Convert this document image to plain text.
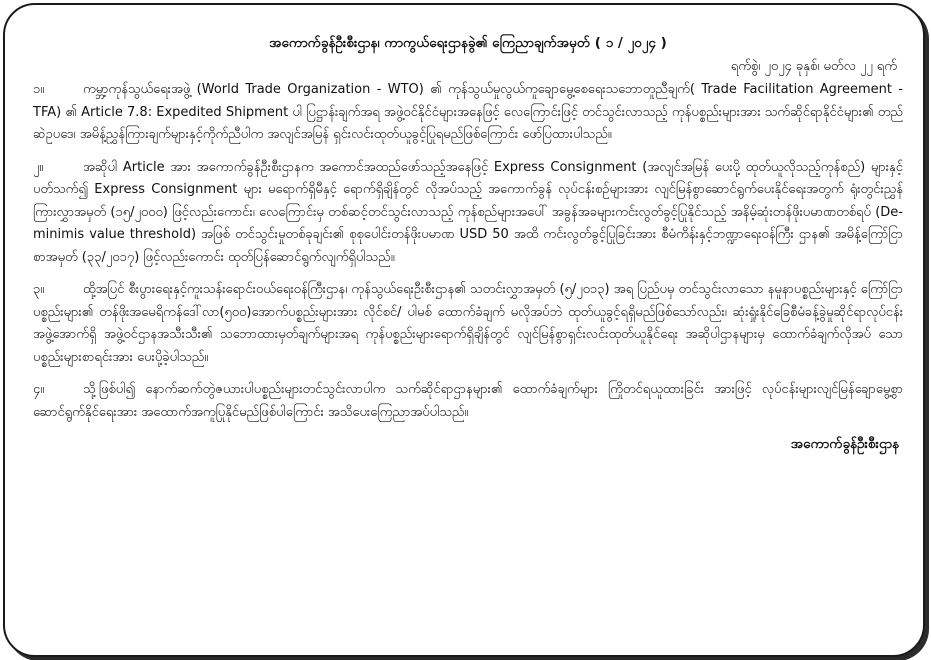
အကောက်ခွန်ဦးစီးဌာန၊ ကာကွယ်ရေးဌာနခွဲ၏ ကြေညာချက်အမှတ် ( ၁ / ၂၀၂၄ )

ရက်စွဲ၊ ၂၀၂၄ ခုနှစ်၊ မတ်လ ၂၂ ရက်

၁။	ကမ္ဘာ့ကုန်သွယ်ရေးအဖွဲ့ (World Trade Organization - WTO) ၏ ကုန်သွယ်မှုလွယ်ကူချောမွေ့စေရေးသဘောတူညီချက်( Trade Facilitation Agreement - TFA) ၏ Article 7.8: Expedited Shipment ပါ ပြဋ္ဌာန်းချက်အရ အဖွဲ့ဝင်နိုင်ငံများအနေဖြင့် လေကြောင်းဖြင့် တင်သွင်းလာသည့် ကုန်ပစ္စည်းများအား သက်ဆိုင်ရာနိုင်ငံများ၏ တည်ဆဲဥပဒေ၊ အမိန့်ညွှန်ကြားချက်များနှင့်ကိုက်ညီပါက အလျင်အမြန် ရှင်းလင်းထုတ်ယူခွင့်ပြုရမည်ဖြစ်ကြောင်း ဖော်ပြထားပါသည်။

၂။	အဆိုပါ Article အား အကောက်ခွန်ဦးစီးဌာနက အကောင်အထည်ဖော်သည့်အနေဖြင့် Express Consignment (အလျင်အမြန် ပေးပို့ ထုတ်ယူလိုသည့်ကုန်စည်) များနှင့်ပတ်သက်၍ Express Consignment များ မရောက်ရှိမီနှင့် ရောက်ရှိချိန်တွင် လိုအပ်သည့် အကောက်ခွန် လုပ်ငန်းစဉ်များအား လျင်မြန်စွာဆောင်ရွက်ပေးနိုင်ရေးအတွက် ရုံးတွင်းညွှန်ကြားလွှာအမှတ် (၁၅/၂၀၀၀) ဖြင့်လည်းကောင်း၊ လေကြောင်းမှ တစ်ဆင့်တင်သွင်းလာသည့် ကုန်စည်များအပေါ် အခွန်အခများကင်းလွတ်ခွင့်ပြုနိုင်သည့် အနိမ့်ဆုံးတန်ဖိုးပမာဏတစ်ရပ် (De-minimis value threshold) အဖြစ် တင်သွင်းမှုတစ်ခုချင်း၏ စုစုပေါင်းတန်ဖိုးပမာဏ USD 50 အထိ ကင်းလွတ်ခွင့်ပြုခြင်းအား စီမံကိန်းနှင့်ဘဏ္ဍာရေးဝန်ကြီး ဌာန၏ အမိန့်ကြော်ငြာစာအမှတ် (၃၃/၂၀၁၇) ဖြင့်လည်းကောင်း ထုတ်ပြန်ဆောင်ရွက်လျက်ရှိပါသည်။

၃။	ထို့အပြင် စီးပွားရေးနှင့်ကူးသန်းရောင်းဝယ်ရေးဝန်ကြီးဌာန၊ ကုန်သွယ်ရေးဦးစီးဌာန၏ သတင်းလွှာအမှတ် (၅/၂၀၁၃) အရ ပြည်ပမှ တင်သွင်းလာသော နမူနာပစ္စည်းများနှင့် ကြော်ငြာပစ္စည်းများ၏ တန်ဖိုးအမေရိကန်ဒေါ်လာ(၅၀၀)အောက်ပစ္စည်းများအား လိုင်စင်/ ပါမစ် ထောက်ခံချက် မလိုအပ်ဘဲ ထုတ်ယူခွင့်ရရှိမည်ဖြစ်သော်လည်း၊ ဆုံးရှုံးနိုင်ခြေစီမံခန့်ခွဲမှုဆိုင်ရာလုပ်ငန်းအဖွဲ့အောက်ရှိ အဖွဲ့ဝင်ဌာနအသီးသီး၏ သဘောထားမှတ်ချက်များအရ ကုန်ပစ္စည်းများရောက်ရှိချိန်တွင် လျင်မြန်စွာရှင်းလင်းထုတ်ယူနိုင်ရေး အဆိုပါဌာနများမှ ထောက်ခံချက်လိုအပ် သောပစ္စည်းများစာရင်းအား ပေးပို့ခဲ့ပါသည်။

၄။	သို့ဖြစ်ပါ၍ နောက်ဆက်တွဲဇယားပါပစ္စည်းများတင်သွင်းလာပါက သက်ဆိုင်ရာဌာနများ၏ ထောက်ခံချက်များ ကြိုတင်ရယူထားခြင်း အားဖြင့် လုပ်ငန်းများလျင်မြန်ချောမွေ့စွာ ဆောင်ရွက်နိုင်ရေးအား အထောက်အကူပြုနိုင်မည်ဖြစ်ပါကြောင်း အသိပေးကြေညာအပ်ပါသည်။

အကောက်ခွန်ဦးစီးဌာန
